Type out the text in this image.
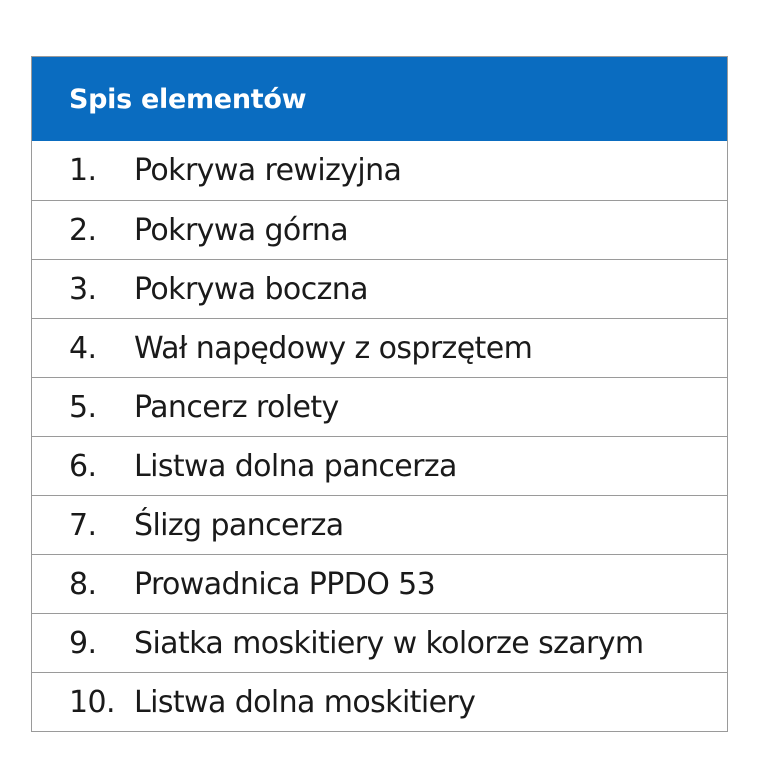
Spis elementów
1.	Pokrywa rewizyjna
2.	Pokrywa górna
3.	Pokrywa boczna
4.	Wał napędowy z osprzętem
5.	Pancerz rolety
6.	Listwa dolna pancerza
7.	Ślizg pancerza
8.	Prowadnica PPDO 53
9.	Siatka moskitiery w kolorze szarym
10. Listwa dolna moskitiery
